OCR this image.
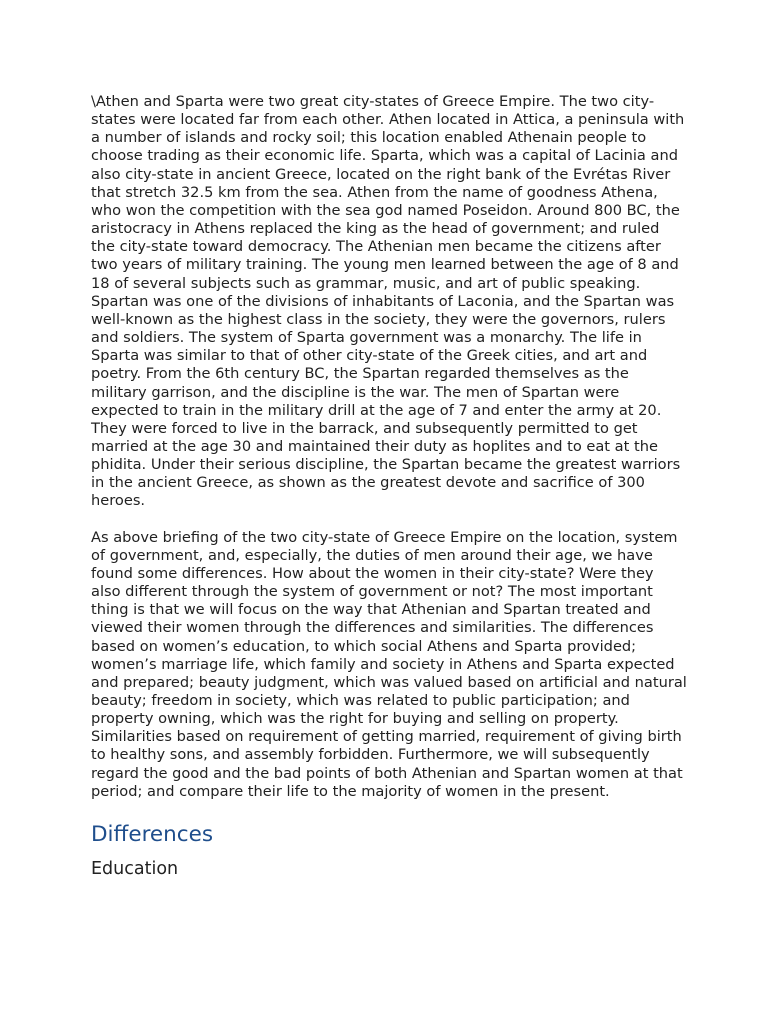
\Athen and Sparta were two great city-states of Greece Empire. The two city-states were located far from each other. Athen located in Attica, a peninsula with a number of islands and rocky soil; this location enabled Athenain people to choose trading as their economic life. Sparta, which was a capital of Lacinia and also city-state in ancient Greece, located on the right bank of the Evrétas River that stretch 32.5 km from the sea. Athen from the name of goodness Athena, who won the competition with the sea god named Poseidon. Around 800 BC, the aristocracy in Athens replaced the king as the head of government; and ruled the city-state toward democracy. The Athenian men became the citizens after two years of military training. The young men learned between the age of 8 and 18 of several subjects such as grammar, music, and art of public speaking. Spartan was one of the divisions of inhabitants of Laconia, and the Spartan was well-known as the highest class in the society, they were the governors, rulers and soldiers. The system of Sparta government was a monarchy. The life in Sparta was similar to that of other city-state of the Greek cities, and art and poetry. From the 6th century BC, the Spartan regarded themselves as the military garrison, and the discipline is the war. The men of Spartan were expected to train in the military drill at the age of 7 and enter the army at 20. They were forced to live in the barrack, and subsequently permitted to get married at the age 30 and maintained their duty as hoplites and to eat at the phidita. Under their serious discipline, the Spartan became the greatest warriors in the ancient Greece, as shown as the greatest devote and sacrifice of 300 heroes.

As above briefing of the two city-state of Greece Empire on the location, system of government, and, especially, the duties of men around their age, we have found some differences. How about the women in their city-state? Were they also different through the system of government or not? The most important thing is that we will focus on the way that Athenian and Spartan treated and viewed their women through the differences and similarities. The differences based on women’s education, to which social Athens and Sparta provided; women’s marriage life, which family and society in Athens and Sparta expected and prepared; beauty judgment, which was valued based on artificial and natural beauty; freedom in society, which was related to public participation; and property owning, which was the right for buying and selling on property. Similarities based on requirement of getting married, requirement of giving birth to healthy sons, and assembly forbidden. Furthermore, we will subsequently regard the good and the bad points of both Athenian and Spartan women at that period; and compare their life to the majority of women in the present.

Differences
Education
